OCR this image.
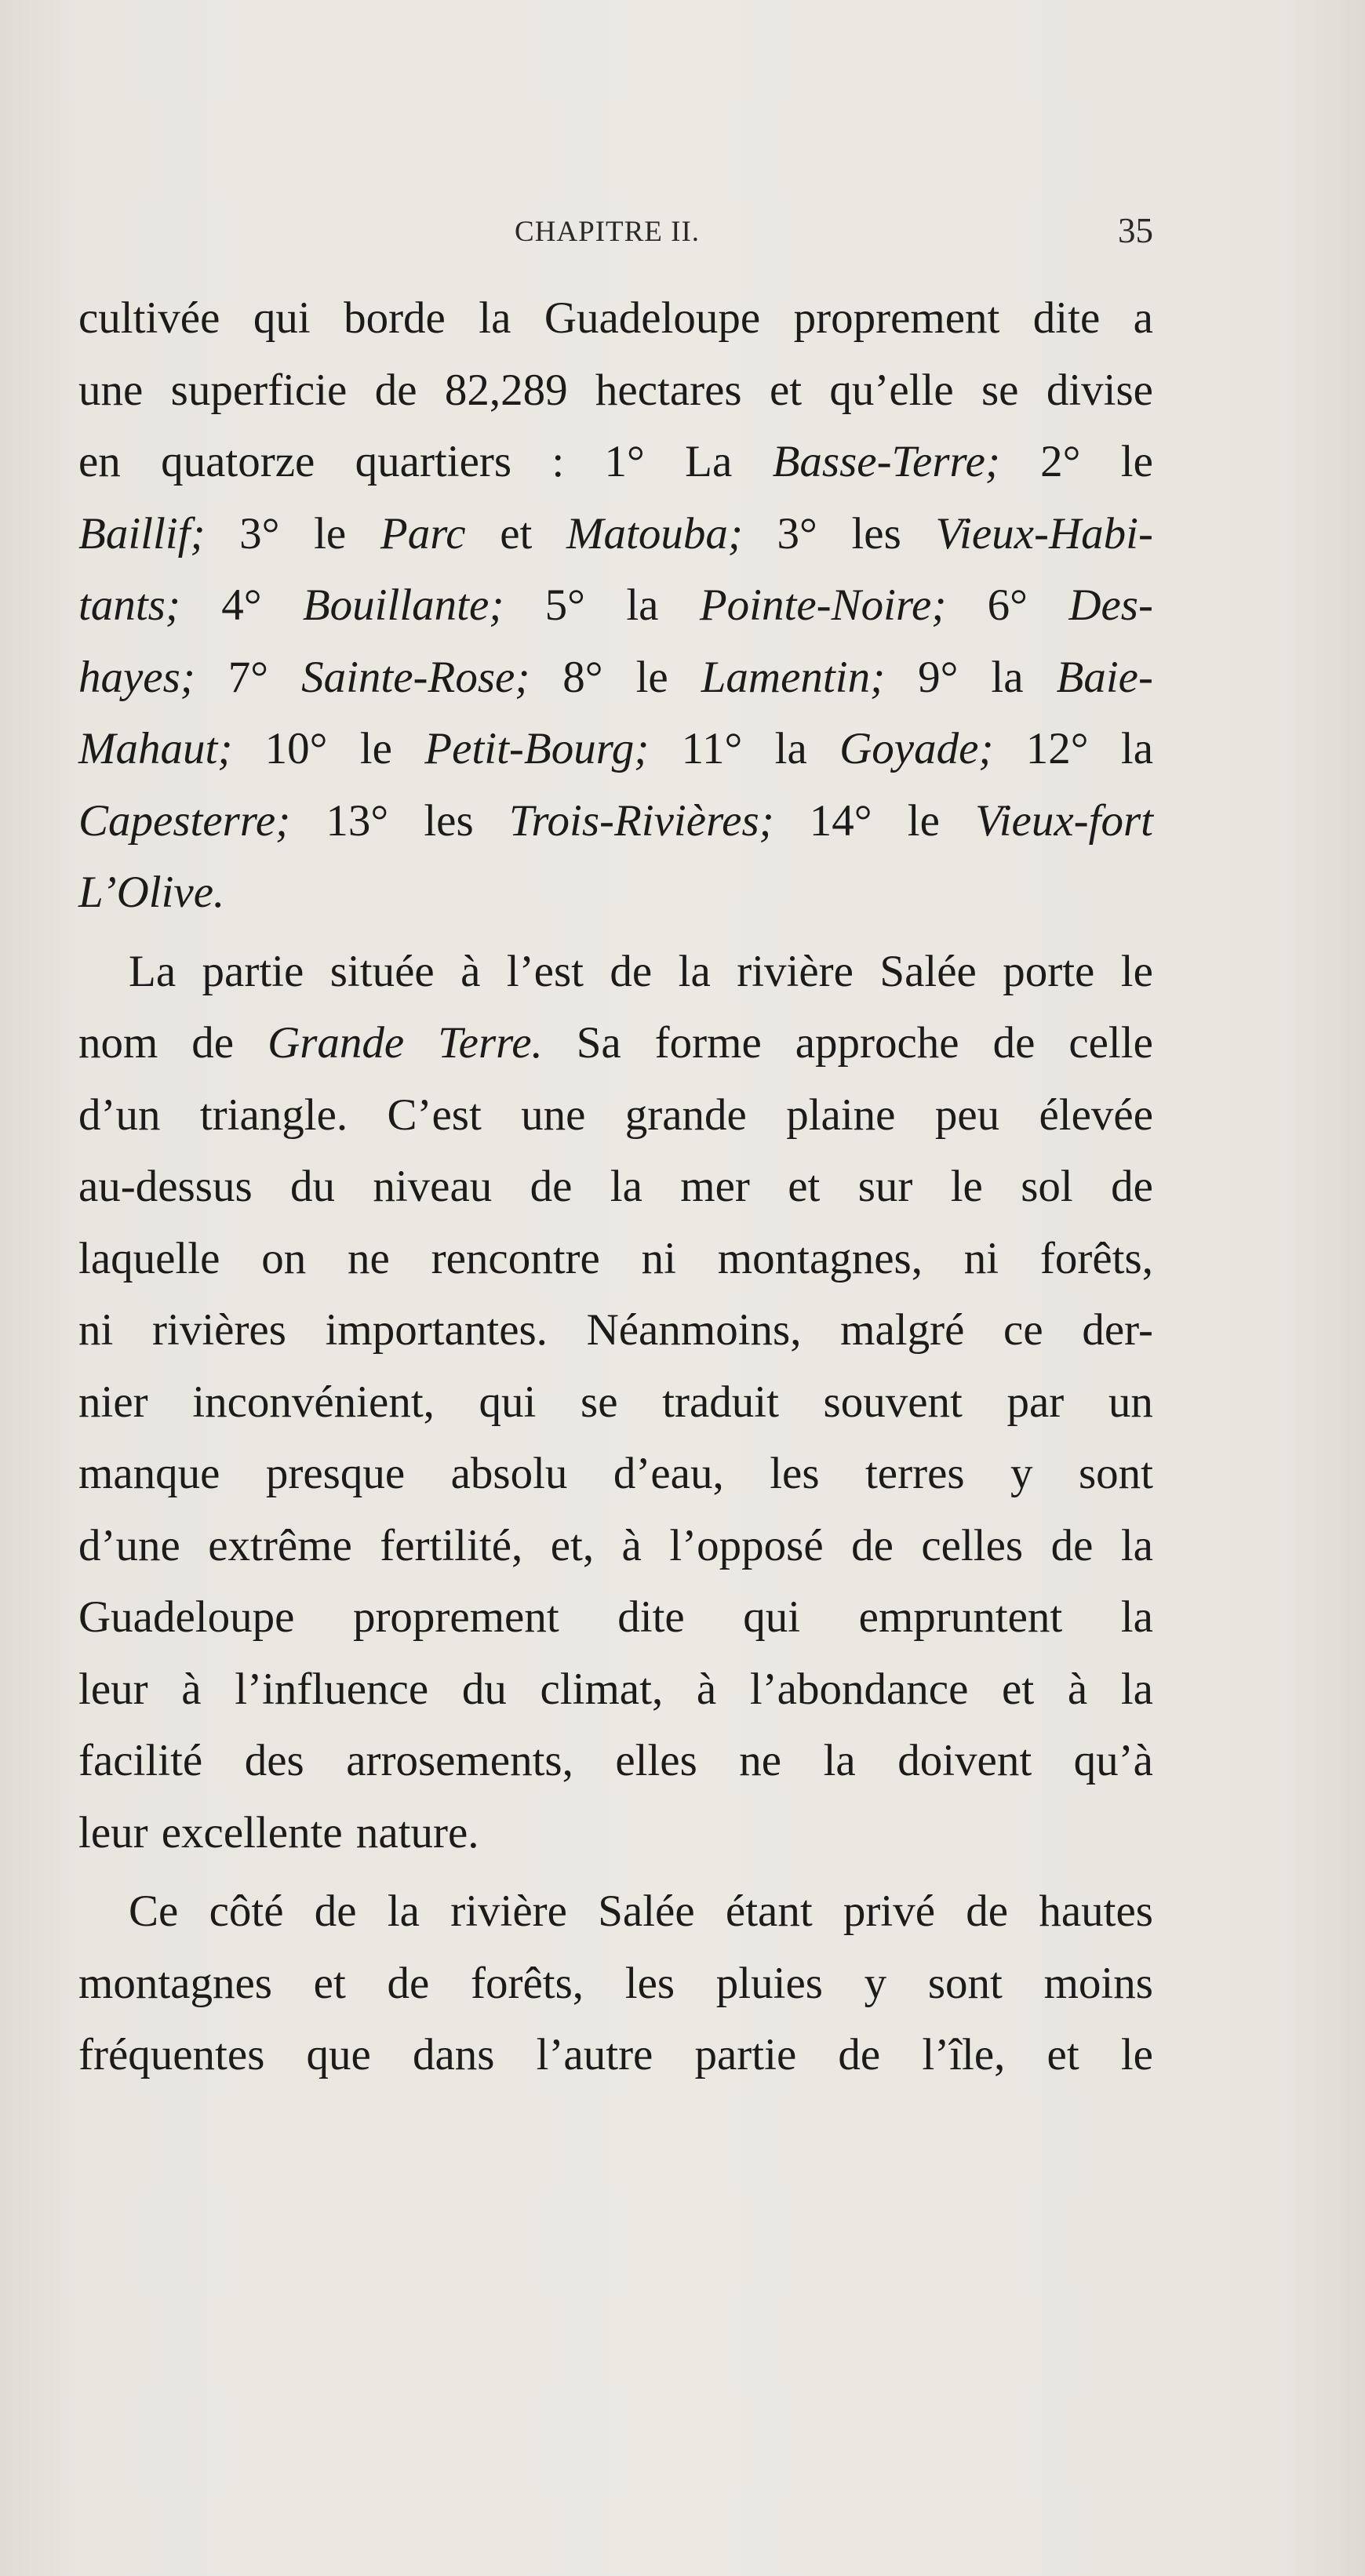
CHAPITRE II.	35
cultivée qui borde la Guadeloupe proprement dite a
une superficie de 82,289 hectares et qu’elle se divise
en quatorze quartiers : 1° La Basse-Terre; 2° le
Baillif; 3° le Parc et Matouba; 3° les Vieux-Habi-
tants; 4° Bouillante; 5° la Pointe-Noire; 6° Des-
hayes; 7° Sainte-Rose; 8° le Lamentin; 9° la Baie-
Mahaut; 10° le Petit-Bourg; 11° la Goyade; 12° la
Capesterre; 13° les Trois-Rivières; 14° le Vieux-fort
L’Olive.
La partie située à l’est de la rivière Salée porte le
nom de Grande Terre. Sa forme approche de celle
d’un triangle. C’est une grande plaine peu élevée
au-dessus du niveau de la mer et sur le sol de
laquelle on ne rencontre ni montagnes, ni forêts,
ni rivières importantes. Néanmoins, malgré ce der-
nier inconvénient, qui se traduit souvent par un
manque presque absolu d’eau, les terres y sont
d’une extrême fertilité, et, à l’opposé de celles de la
Guadeloupe proprement dite qui empruntent la
leur à l’influence du climat, à l’abondance et à la
facilité des arrosements, elles ne la doivent qu’à
leur
excellente
nature.
Ce côté de la rivière Salée étant privé de hautes
montagnes et de forêts, les pluies y sont moins
fréquentes que dans l’autre partie de l’île, et le
